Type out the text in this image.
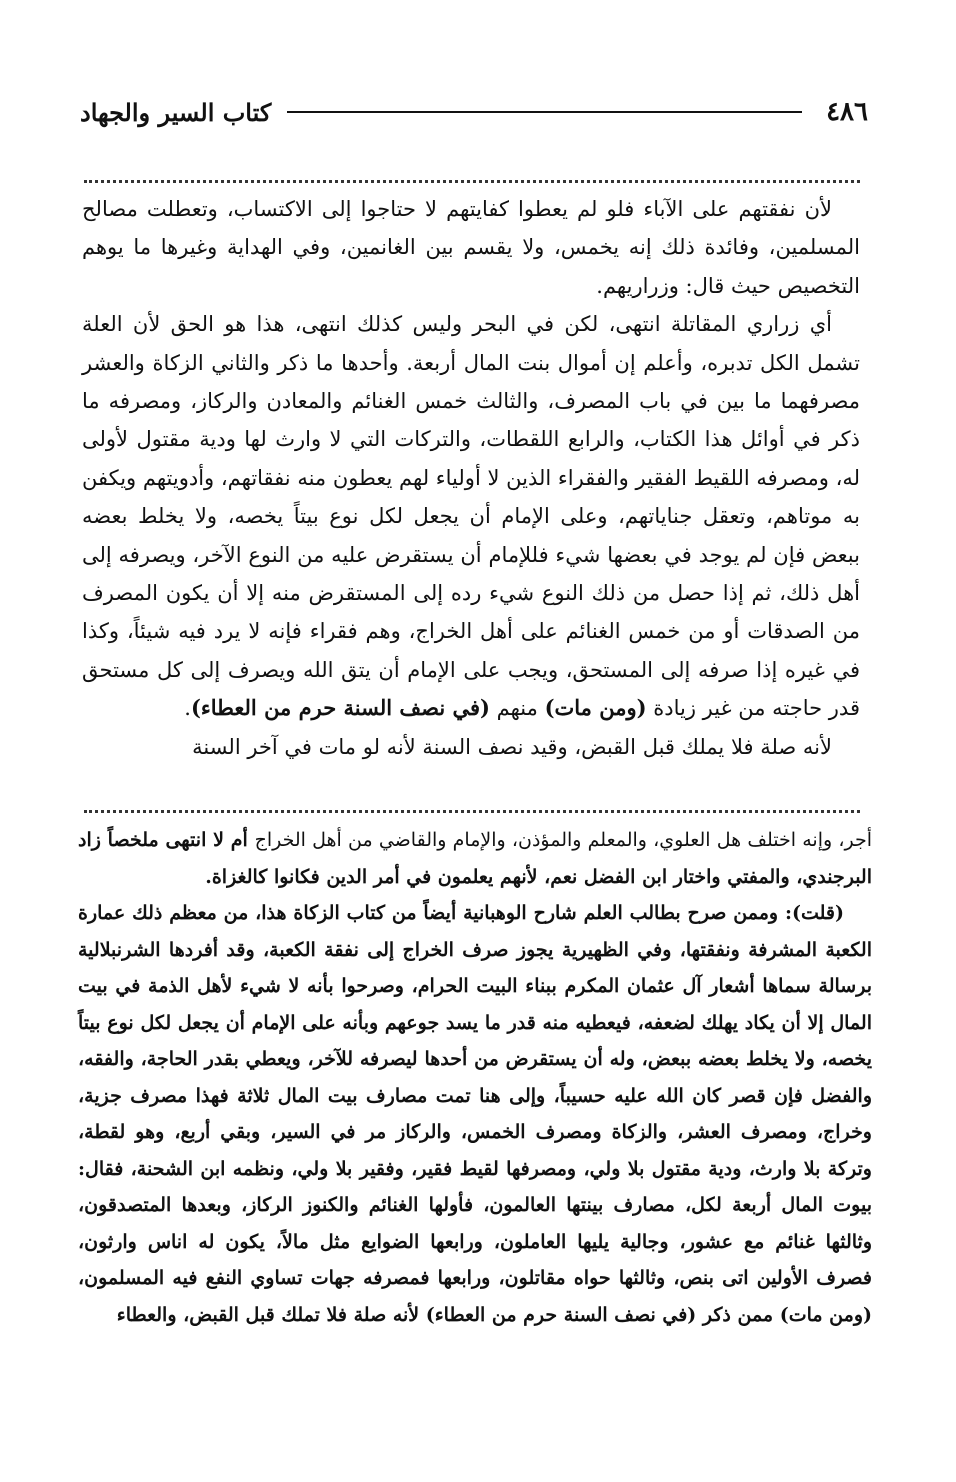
٤٨٦
كتاب السير والجهاد

لأن نفقتهم على الآباء فلو لم يعطوا كفايتهم لا حتاجوا إلى الاكتساب، وتعطلت مصالح المسلمين، وفائدة ذلك إنه يخمس، ولا يقسم بين الغانمين، وفي الهداية وغيرها ما يوهم التخصيص حيث قال: وزراريهم.

أي زراري المقاتلة انتهى، لكن في البحر وليس كذلك انتهى، هذا هو الحق لأن العلة تشمل الكل تدبره، وأعلم إن أموال بنت المال أربعة. وأحدها ما ذكر والثاني الزكاة والعشر مصرفهما ما بين في باب المصرف، والثالث خمس الغنائم والمعادن والركاز، ومصرفه ما ذكر في أوائل هذا الكتاب، والرابع اللقطات، والتركات التي لا وارث لها ودية مقتول لأولى له، ومصرفه اللقيط الفقير والفقراء الذين لا أولياء لهم يعطون منه نفقاتهم، وأدويتهم ويكفن به موتاهم، وتعقل جناياتهم، وعلى الإمام أن يجعل لكل نوع بيتاً يخصه، ولا يخلط بعضه ببعض فإن لم يوجد في بعضها شيء فللإمام أن يستقرض عليه من النوع الآخر، ويصرفه إلى أهل ذلك، ثم إذا حصل من ذلك النوع شيء رده إلى المستقرض منه إلا أن يكون المصرف من الصدقات أو من خمس الغنائم على أهل الخراج، وهم فقراء فإنه لا يرد فيه شيئاً، وكذا في غيره إذا صرفه إلى المستحق، ويجب على الإمام أن يتق الله ويصرف إلى كل مستحق قدر حاجته من غير زيادة (ومن مات) منهم (في نصف السنة حرم من العطاء).

لأنه صلة فلا يملك قبل القبض، وقيد نصف السنة لأنه لو مات في آخر السنة

أجر، وإنه اختلف هل العلوي، والمعلم والمؤذن، والإمام والقاضي من أهل الخراج أم لا انتهى ملخصاً زاد البرجندي، والمفتي واختار ابن الفضل نعم، لأنهم يعلمون في أمر الدين فكانوا كالغزاة.

(قلت): وممن صرح بطالب العلم شارح الوهبانية أيضاً من كتاب الزكاة هذا، من معظم ذلك عمارة الكعبة المشرفة ونفقتها، وفي الظهيرية يجوز صرف الخراج إلى نفقة الكعبة، وقد أفردها الشرنبلالية برسالة سماها أشعار آل عثمان المكرم ببناء البيت الحرام، وصرحوا بأنه لا شيء لأهل الذمة في بيت المال إلا أن يكاد يهلك لضعفه، فيعطيه منه قدر ما يسد جوعهم وبأنه على الإمام أن يجعل لكل نوع بيتاً يخصه، ولا يخلط بعضه ببعض، وله أن يستقرض من أحدها ليصرفه للآخر، ويعطي بقدر الحاجة، والفقه، والفضل فإن قصر كان الله عليه حسيباً، وإلى هنا تمت مصارف بيت المال ثلاثة فهذا مصرف جزية، وخراج، ومصرف العشر، والزكاة ومصرف الخمس، والركاز مر في السير، وبقي أربع، وهو لقطة، وتركة بلا وارث، ودية مقتول بلا ولي، ومصرفها لقيط فقير، وفقير بلا ولي، ونظمه ابن الشحنة، فقال: بيوت المال أربعة لكل، مصارف بينتها العالمون، فأولها الغنائم والكنوز الركاز، وبعدها المتصدقون، وثالثها غنائم مع عشور، وجالية يليها العاملون، ورابعها الضوايع مثل مالاً، يكون له اناس وارثون، فصرف الأولين اتى بنص، وثالثها حواه مقاتلون، ورابعها فمصرفه جهات تساوي النفع فيه المسلمون، (ومن مات) ممن ذكر (في نصف السنة حرم من العطاء) لأنه صلة فلا تملك قبل القبض، والعطاء
